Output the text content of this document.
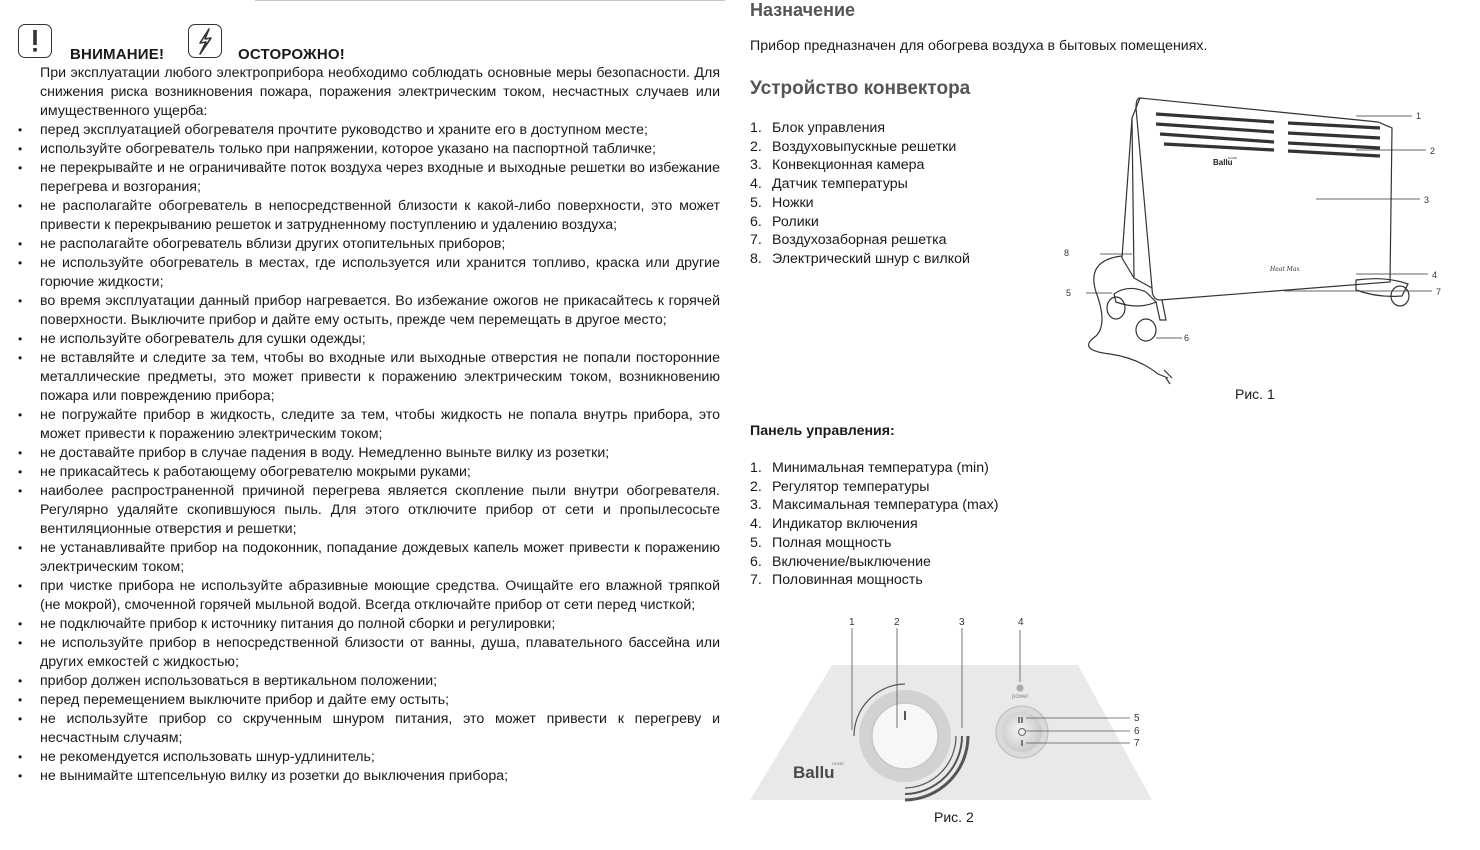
ВНИМАНИЕ!	ОСТОРОЖНО!
При эксплуатации любого электроприбора необходимо соблюдать основные меры безопасности. Для снижения риска возникновения пожара, поражения электрическим током, несчастных случаев или имущественного ущерба:
• перед эксплуатацией обогревателя прочтите руководство и храните его в доступном месте;
• используйте обогреватель только при напряжении, которое указано на паспортной табличке;
• не перекрывайте и не ограничивайте поток воздуха через входные и выходные решетки во избежание перегрева и возгорания;
• не располагайте обогреватель в непосредственной близости к какой-либо поверхности, это может привести к перекрыванию решеток и затрудненному поступлению и удалению воздуха;
• не располагайте обогреватель вблизи других отопительных приборов;
• не используйте обогреватель в местах, где используется или хранится топливо, краска или другие горючие жидкости;
• во время эксплуатации данный прибор нагревается. Во избежание ожогов не прикасайтесь к горячей поверхности. Выключите прибор и дайте ему остыть, прежде чем перемещать в другое место;
• не используйте обогреватель для сушки одежды;
• не вставляйте и следите за тем, чтобы во входные или выходные отверстия не попали посторонние металлические предметы, это может привести к поражению электрическим током, возникновению пожара или повреждению прибора;
• не погружайте прибор в жидкость, следите за тем, чтобы жидкость не попала внутрь прибора, это может привести к поражению электрическим током;
• не доставайте прибор в случае падения в воду. Немедленно выньте вилку из розетки;
• не прикасайтесь к работающему обогревателю мокрыми руками;
• наиболее распространенной причиной перегрева является скопление пыли внутри обогревателя. Регулярно удаляйте скопившуюся пыль. Для этого отключите прибор от сети и пропылесосьте вентиляционные отверстия и решетки;
• не устанавливайте прибор на подоконник, попадание дождевых капель может привести к поражению электрическим током;
• при чистке прибора не используйте абразивные моющие средства. Очищайте его влажной тряпкой (не мокрой), смоченной горячей мыльной водой. Всегда отключайте прибор от сети перед чисткой;
• не подключайте прибор к источнику питания до полной сборки и регулировки;
• не используйте прибор в непосредственной близости от ванны, душа, плавательного бассейна или других емкостей с жидкостью;
• прибор должен использоваться в вертикальном положении;
• перед перемещением выключите прибор и дайте ему остыть;
• не используйте прибор со скрученным шнуром питания, это может привести к перегреву и несчастным случаям;
• не рекомендуется использовать шнур-удлинитель;
• не вынимайте штепсельную вилку из розетки до выключения прибора;
Назначение
Прибор предназначен для обогрева воздуха в бытовых помещениях.
Устройство конвектора
1. Блок управления
2. Воздуховыпускные решетки
3. Конвекционная камера
4. Датчик температуры
5. Ножки
6. Ролики
7. Воздухозаборная решетка
8. Электрический шнур с вилкой
Ballu
HOME
Heat Max
1
2
3
4
7
8
5
6
Рис. 1
Панель управления:
1. Минимальная температура (min)
2. Регулятор температуры
3. Максимальная температура (max)
4. Индикатор включения
5. Полная мощность
6. Включение/выключение
7. Половинная мощность
power
Ballu
HOME
1	2	3	4
5
6
7
Рис. 2
